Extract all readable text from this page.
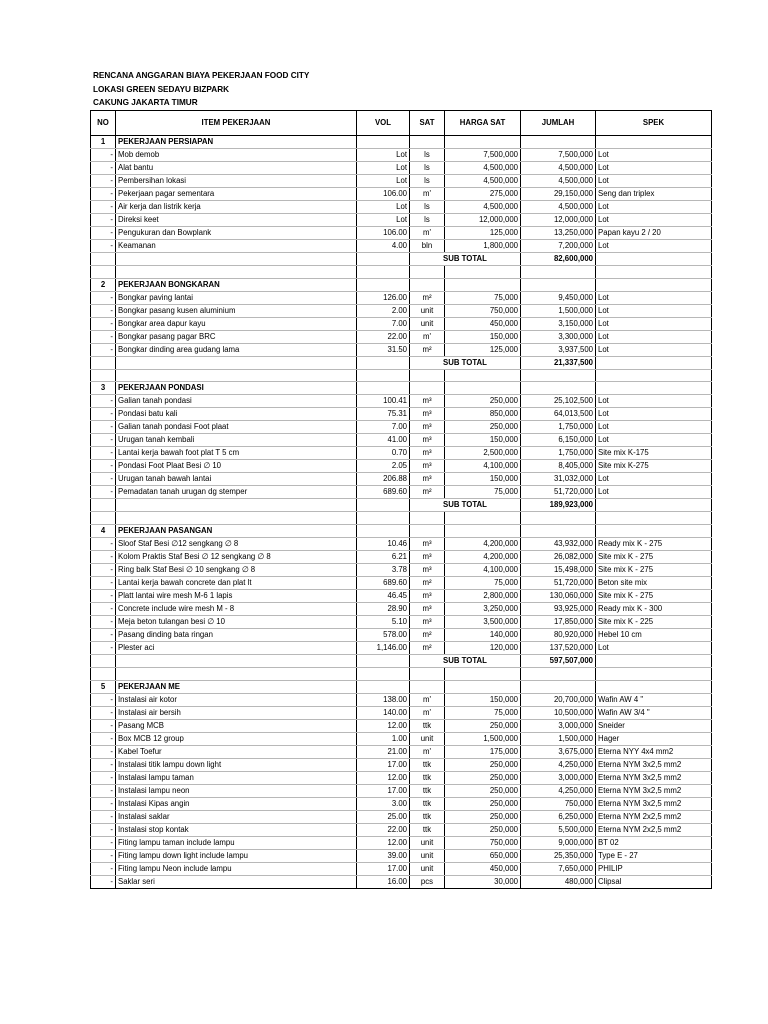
RENCANA ANGGARAN BIAYA PEKERJAAN FOOD CITY
LOKASI GREEN SEDAYU BIZPARK
CAKUNG JAKARTA TIMUR
NO	ITEM PEKERJAAN	VOL	SAT	HARGA SAT	JUMLAH	SPEK
1	PEKERJAAN PERSIAPAN					
-	Mob demob	Lot	ls	7,500,000	7,500,000	Lot
-	Alat bantu	Lot	ls	4,500,000	4,500,000	Lot
-	Pembersihan lokasi	Lot	ls	4,500,000	4,500,000	Lot
-	Pekerjaan pagar sementara	106.00	m'	275,000	29,150,000	Seng dan triplex
-	Air kerja dan listrik kerja	Lot	ls	4,500,000	4,500,000	Lot
-	Direksi keet	Lot	ls	12,000,000	12,000,000	Lot
-	Pengukuran dan Bowplank	106.00	m'	125,000	13,250,000	Papan kayu 2 / 20
-	Keamanan	4.00	bln	1,800,000	7,200,000	Lot
			SUB TOTAL		82,600,000	

2	PEKERJAAN BONGKARAN					
-	Bongkar paving lantai	126.00	m²	75,000	9,450,000	Lot
-	Bongkar pasang kusen aluminium	2.00	unit	750,000	1,500,000	Lot
-	Bongkar area dapur kayu	7.00	unit	450,000	3,150,000	Lot
-	Bongkar pasang pagar BRC	22.00	m'	150,000	3,300,000	Lot
-	Bongkar dinding area gudang lama	31.50	m²	125,000	3,937,500	Lot
			SUB TOTAL		21,337,500	

3	PEKERJAAN PONDASI					
-	Galian tanah pondasi	100.41	m³	250,000	25,102,500	Lot
-	Pondasi batu kali	75.31	m³	850,000	64,013,500	Lot
-	Galian tanah pondasi Foot plaat	7.00	m³	250,000	1,750,000	Lot
-	Urugan tanah kembali	41.00	m³	150,000	6,150,000	Lot
-	Lantai kerja bawah foot plat T 5 cm	0.70	m³	2,500,000	1,750,000	Site mix K-175
-	Pondasi Foot Plaat Besi ∅ 10	2.05	m³	4,100,000	8,405,000	Site mix K-275
-	Urugan tanah bawah lantai	206.88	m³	150,000	31,032,000	Lot
-	Pemadatan tanah urugan dg stemper	689.60	m²	75,000	51,720,000	Lot
			SUB TOTAL		189,923,000	

4	PEKERJAAN PASANGAN					
-	Sloof Staf Besi ∅12 sengkang ∅ 8	10.46	m³	4,200,000	43,932,000	Ready mix K - 275
-	Kolom Praktis Staf Besi ∅ 12 sengkang ∅ 8	6.21	m³	4,200,000	26,082,000	Site mix K - 275
-	Ring balk Staf Besi ∅ 10 sengkang ∅ 8	3.78	m³	4,100,000	15,498,000	Site mix K - 275
-	Lantai kerja bawah concrete dan plat lt	689.60	m²	75,000	51,720,000	Beton site mix
-	Platt lantai wire mesh M-6 1 lapis	46.45	m³	2,800,000	130,060,000	Site mix K - 275
-	Concrete include wire mesh M - 8	28.90	m³	3,250,000	93,925,000	Ready mix K - 300
-	Meja beton tulangan besi ∅ 10	5.10	m³	3,500,000	17,850,000	Site mix K - 225
-	Pasang dinding bata ringan	578.00	m²	140,000	80,920,000	Hebel 10 cm
-	Plester aci	1,146.00	m²	120,000	137,520,000	Lot
			SUB TOTAL		597,507,000	

5	PEKERJAAN ME					
-	Instalasi air kotor	138.00	m'	150,000	20,700,000	Wafin AW 4 "
-	Instalasi air bersih	140.00	m'	75,000	10,500,000	Wafin AW 3/4 "
-	Pasang MCB	12.00	ttk	250,000	3,000,000	Sneider
-	Box MCB 12 group	1.00	unit	1,500,000	1,500,000	Hager
-	Kabel Toefur	21.00	m'	175,000	3,675,000	Eterna NYY 4x4 mm2
-	Instalasi titik lampu down light	17.00	ttk	250,000	4,250,000	Eterna NYM 3x2,5 mm2
-	Instalasi lampu taman	12.00	ttk	250,000	3,000,000	Eterna NYM 3x2,5 mm2
-	Instalasi lampu neon	17.00	ttk	250,000	4,250,000	Eterna NYM 3x2,5 mm2
-	Instalasi Kipas angin	3.00	ttk	250,000	750,000	Eterna NYM 3x2,5 mm2
-	Instalasi saklar	25.00	ttk	250,000	6,250,000	Eterna NYM 2x2,5 mm2
-	Instalasi stop kontak	22.00	ttk	250,000	5,500,000	Eterna NYM 2x2,5 mm2
-	Fiting lampu taman include lampu	12.00	unit	750,000	9,000,000	BT 02
-	Fiting lampu down light include lampu	39.00	unit	650,000	25,350,000	Type E - 27
-	Fiting lampu Neon include lampu	17.00	unit	450,000	7,650,000	PHILIP
-	Saklar seri	16.00	pcs	30,000	480,000	Clipsal
